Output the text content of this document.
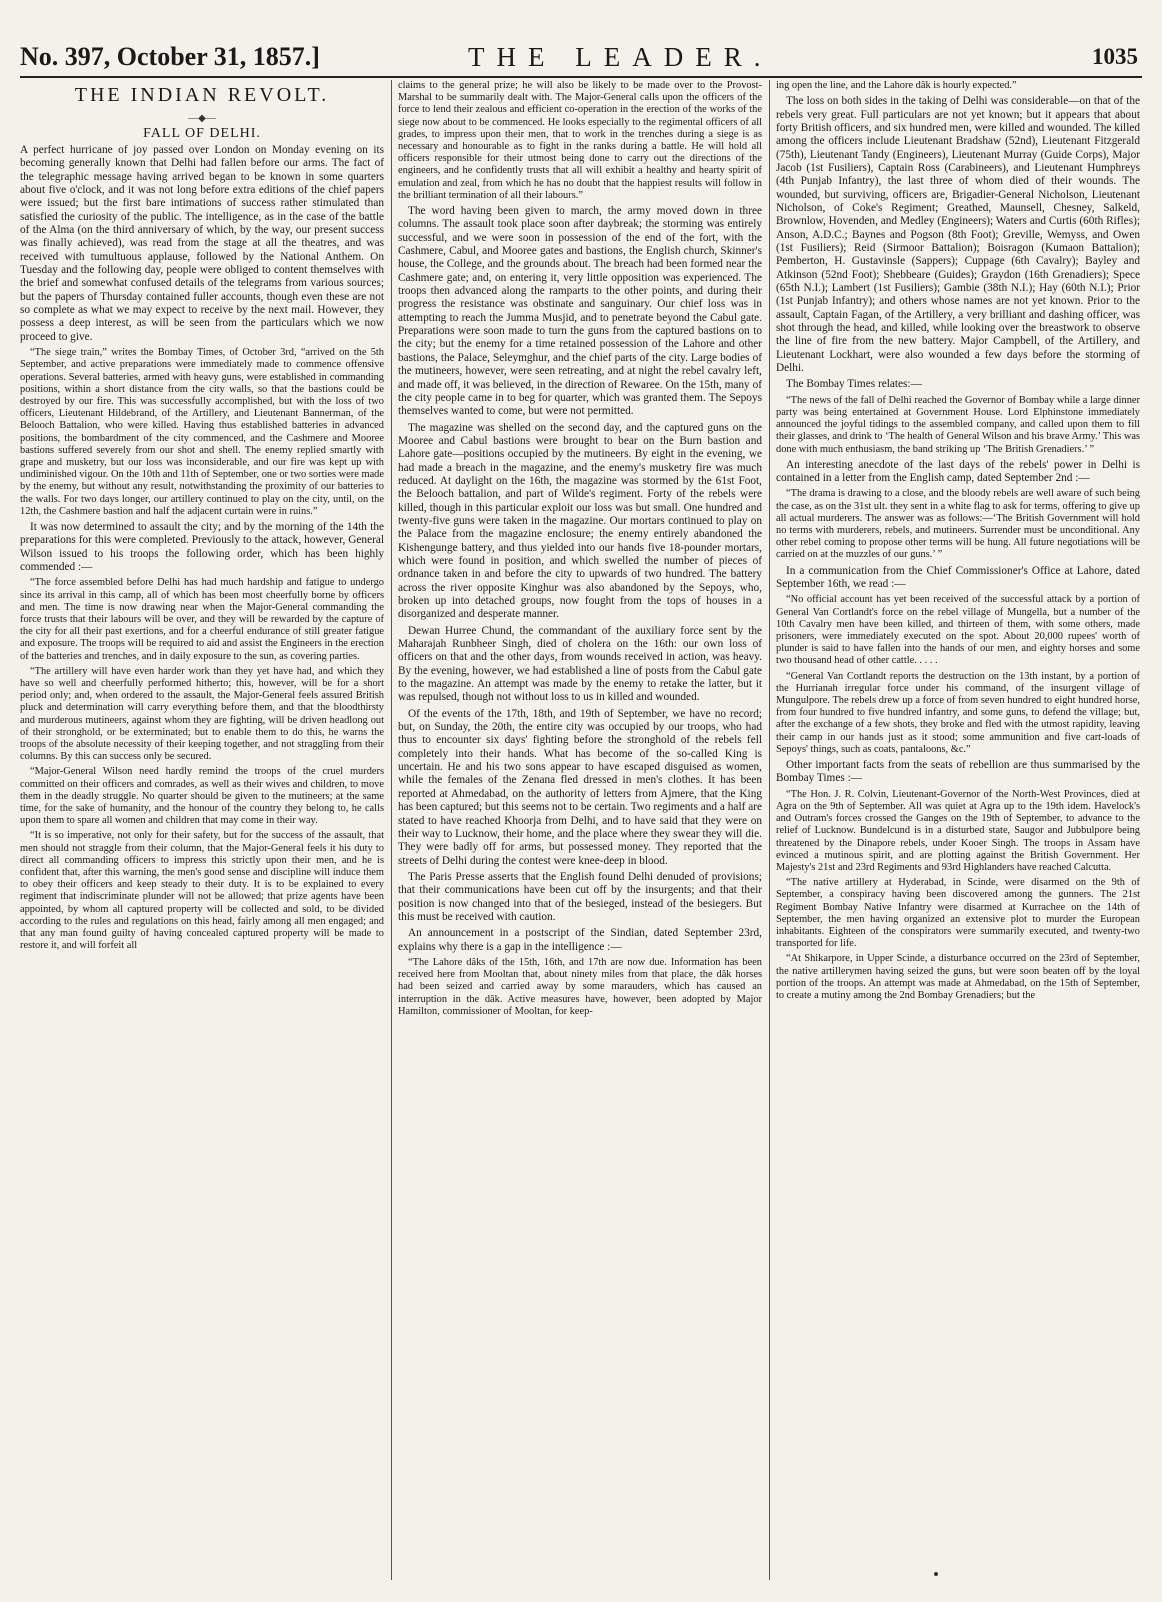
No. 397, October 31, 1857.]	THE LEADER.	1035
THE INDIAN REVOLT.
—◆—
FALL OF DELHI.

A perfect hurricane of joy passed over London on Monday evening on its becoming generally known that Delhi had fallen before our arms. The fact of the telegraphic message having arrived began to be known in some quarters about five o'clock, and it was not long before extra editions of the chief papers were issued; but the first bare intimations of success rather stimulated than satisfied the curiosity of the public. The intelligence, as in the case of the battle of the Alma (on the third anniversary of which, by the way, our present success was finally achieved), was read from the stage at all the theatres, and was received with tumultuous applause, followed by the National Anthem. On Tuesday and the following day, people were obliged to content themselves with the brief and somewhat confused details of the telegrams from various sources; but the papers of Thursday contained fuller accounts, though even these are not so complete as what we may expect to receive by the next mail. However, they possess a deep interest, as will be seen from the particulars which we now proceed to give.

“The siege train,” writes the Bombay Times, of October 3rd, “arrived on the 5th September, and active preparations were immediately made to commence offensive operations. Several batteries, armed with heavy guns, were established in commanding positions, within a short distance from the city walls, so that the bastions could be destroyed by our fire. This was successfully accomplished, but with the loss of two officers, Lieutenant Hildebrand, of the Artillery, and Lieutenant Bannerman, of the Belooch Battalion, who were killed. Having thus established batteries in advanced positions, the bombardment of the city commenced, and the Cashmere and Mooree bastions suffered severely from our shot and shell. The enemy replied smartly with grape and musketry, but our loss was inconsiderable, and our fire was kept up with undiminished vigour. On the 10th and 11th of September, one or two sorties were made by the enemy, but without any result, notwithstanding the proximity of our batteries to the walls. For two days longer, our artillery continued to play on the city, until, on the 12th, the Cashmere bastion and half the adjacent curtain were in ruins.”

It was now determined to assault the city; and by the morning of the 14th the preparations for this were completed. Previously to the attack, however, General Wilson issued to his troops the following order, which has been highly commended :—

“The force assembled before Delhi has had much hardship and fatigue to undergo since its arrival in this camp, all of which has been most cheerfully borne by officers and men. The time is now drawing near when the Major-General commanding the force trusts that their labours will be over, and they will be rewarded by the capture of the city for all their past exertions, and for a cheerful endurance of still greater fatigue and exposure. The troops will be required to aid and assist the Engineers in the erection of the batteries and trenches, and in daily exposure to the sun, as covering parties.

“The artillery will have even harder work than they yet have had, and which they have so well and cheerfully performed hitherto; this, however, will be for a short period only; and, when ordered to the assault, the Major-General feels assured British pluck and determination will carry everything before them, and that the bloodthirsty and murderous mutineers, against whom they are fighting, will be driven headlong out of their stronghold, or be exterminated; but to enable them to do this, he warns the troops of the absolute necessity of their keeping together, and not straggling from their columns. By this can success only be secured.

“Major-General Wilson need hardly remind the troops of the cruel murders committed on their officers and comrades, as well as their wives and children, to move them in the deadly struggle. No quarter should be given to the mutineers; at the same time, for the sake of humanity, and the honour of the country they belong to, he calls upon them to spare all women and children that may come in their way.

“It is so imperative, not only for their safety, but for the success of the assault, that men should not straggle from their column, that the Major-General feels it his duty to direct all commanding officers to impress this strictly upon their men, and he is confident that, after this warning, the men's good sense and discipline will induce them to obey their officers and keep steady to their duty. It is to be explained to every regiment that indiscriminate plunder will not be allowed; that prize agents have been appointed, by whom all captured property will be collected and sold, to be divided according to the rules and regulations on this head, fairly among all men engaged; and that any man found guilty of having concealed captured property will be made to restore it, and will forfeit all

claims to the general prize; he will also be likely to be made over to the Provost-Marshal to be summarily dealt with. The Major-General calls upon the officers of the force to lend their zealous and efficient co-operation in the erection of the works of the siege now about to be commenced. He looks especially to the regimental officers of all grades, to impress upon their men, that to work in the trenches during a siege is as necessary and honourable as to fight in the ranks during a battle. He will hold all officers responsible for their utmost being done to carry out the directions of the engineers, and he confidently trusts that all will exhibit a healthy and hearty spirit of emulation and zeal, from which he has no doubt that the happiest results will follow in the brilliant termination of all their labours.”

The word having been given to march, the army moved down in three columns. The assault took place soon after daybreak; the storming was entirely successful, and we were soon in possession of the end of the fort, with the Cashmere, Cabul, and Mooree gates and bastions, the English church, Skinner's house, the College, and the grounds about. The breach had been formed near the Cashmere gate; and, on entering it, very little opposition was experienced. The troops then advanced along the ramparts to the other points, and during their progress the resistance was obstinate and sanguinary. Our chief loss was in attempting to reach the Jumma Musjid, and to penetrate beyond the Cabul gate. Preparations were soon made to turn the guns from the captured bastions on to the city; but the enemy for a time retained possession of the Lahore and other bastions, the Palace, Seleymghur, and the chief parts of the city. Large bodies of the mutineers, however, were seen retreating, and at night the rebel cavalry left, and made off, it was believed, in the direction of Rewaree. On the 15th, many of the city people came in to beg for quarter, which was granted them. The Sepoys themselves wanted to come, but were not permitted.

The magazine was shelled on the second day, and the captured guns on the Mooree and Cabul bastions were brought to bear on the Burn bastion and Lahore gate—positions occupied by the mutineers. By eight in the evening, we had made a breach in the magazine, and the enemy's musketry fire was much reduced. At daylight on the 16th, the magazine was stormed by the 61st Foot, the Belooch battalion, and part of Wilde's regiment. Forty of the rebels were killed, though in this particular exploit our loss was but small. One hundred and twenty-five guns were taken in the magazine. Our mortars continued to play on the Palace from the magazine enclosure; the enemy entirely abandoned the Kishengunge battery, and thus yielded into our hands five 18-pounder mortars, which were found in position, and which swelled the number of pieces of ordnance taken in and before the city to upwards of two hundred. The battery across the river opposite Kinghur was also abandoned by the Sepoys, who, broken up into detached groups, now fought from the tops of houses in a disorganized and desperate manner.

Dewan Hurree Chund, the commandant of the auxiliary force sent by the Maharajah Runbheer Singh, died of cholera on the 16th: our own loss of officers on that and the other days, from wounds received in action, was heavy. By the evening, however, we had established a line of posts from the Cabul gate to the magazine. An attempt was made by the enemy to retake the latter, but it was repulsed, though not without loss to us in killed and wounded.

Of the events of the 17th, 18th, and 19th of September, we have no record; but, on Sunday, the 20th, the entire city was occupied by our troops, who had thus to encounter six days' fighting before the stronghold of the rebels fell completely into their hands. What has become of the so-called King is uncertain. He and his two sons appear to have escaped disguised as women, while the females of the Zenana fled dressed in men's clothes. It has been reported at Ahmedabad, on the authority of letters from Ajmere, that the King has been captured; but this seems not to be certain. Two regiments and a half are stated to have reached Khoorja from Delhi, and to have said that they were on their way to Lucknow, their home, and the place where they swear they will die. They were badly off for arms, but possessed money. They reported that the streets of Delhi during the contest were knee-deep in blood.

The Paris Presse asserts that the English found Delhi denuded of provisions; that their communications have been cut off by the insurgents; and that their position is now changed into that of the besieged, instead of the besiegers. But this must be received with caution.

An announcement in a postscript of the Sindian, dated September 23rd, explains why there is a gap in the intelligence :—

“The Lahore dâks of the 15th, 16th, and 17th are now due. Information has been received here from Mooltan that, about ninety miles from that place, the dâk horses had been seized and carried away by some marauders, which has caused an interruption in the dâk. Active measures have, however, been adopted by Major Hamilton, commissioner of Mooltan, for keep-

ing open the line, and the Lahore dâk is hourly expected.”

The loss on both sides in the taking of Delhi was considerable—on that of the rebels very great. Full particulars are not yet known; but it appears that about forty British officers, and six hundred men, were killed and wounded. The killed among the officers include Lieutenant Bradshaw (52nd), Lieutenant Fitzgerald (75th), Lieutenant Tandy (Engineers), Lieutenant Murray (Guide Corps), Major Jacob (1st Fusiliers), Captain Ross (Carabineers), and Lieutenant Humphreys (4th Punjab Infantry), the last three of whom died of their wounds. The wounded, but surviving, officers are, Brigadier-General Nicholson, Lieutenant Nicholson, of Coke's Regiment; Greathed, Maunsell, Chesney, Salkeld, Brownlow, Hovenden, and Medley (Engineers); Waters and Curtis (60th Rifles); Anson, A.D.C.; Baynes and Pogson (8th Foot); Greville, Wemyss, and Owen (1st Fusiliers); Reid (Sirmoor Battalion); Boisragon (Kumaon Battalion); Pemberton, H. Gustavinsle (Sappers); Cuppage (6th Cavalry); Bayley and Atkinson (52nd Foot); Shebbeare (Guides); Graydon (16th Grenadiers); Spece (65th N.I.); Lambert (1st Fusiliers); Gambie (38th N.I.); Hay (60th N.I.); Prior (1st Punjab Infantry); and others whose names are not yet known. Prior to the assault, Captain Fagan, of the Artillery, a very brilliant and dashing officer, was shot through the head, and killed, while looking over the breastwork to observe the line of fire from the new battery. Major Campbell, of the Artillery, and Lieutenant Lockhart, were also wounded a few days before the storming of Delhi.

The Bombay Times relates:—

“The news of the fall of Delhi reached the Governor of Bombay while a large dinner party was being entertained at Government House. Lord Elphinstone immediately announced the joyful tidings to the assembled company, and called upon them to fill their glasses, and drink to ‘The health of General Wilson and his brave Army.’ This was done with much enthusiasm, the band striking up ‘The British Grenadiers.’ ”

An interesting anecdote of the last days of the rebels' power in Delhi is contained in a letter from the English camp, dated September 2nd :—

“The drama is drawing to a close, and the bloody rebels are well aware of such being the case, as on the 31st ult. they sent in a white flag to ask for terms, offering to give up all actual murderers. The answer was as follows:—‘The British Government will hold no terms with murderers, rebels, and mutineers. Surrender must be unconditional. Any other rebel coming to propose other terms will be hung. All future negotiations will be carried on at the muzzles of our guns.’ ”

In a communication from the Chief Commissioner's Office at Lahore, dated September 16th, we read :—

“No official account has yet been received of the successful attack by a portion of General Van Cortlandt's force on the rebel village of Mungella, but a number of the 10th Cavalry men have been killed, and thirteen of them, with some others, made prisoners, were immediately executed on the spot. About 20,000 rupees' worth of plunder is said to have fallen into the hands of our men, and eighty horses and some two thousand head of other cattle. . . . .

“General Van Cortlandt reports the destruction on the 13th instant, by a portion of the Hurrianah irregular force under his command, of the insurgent village of Mungulpore. The rebels drew up a force of from seven hundred to eight hundred horse, from four hundred to five hundred infantry, and some guns, to defend the village; but, after the exchange of a few shots, they broke and fled with the utmost rapidity, leaving their camp in our hands just as it stood; some ammunition and five cart-loads of Sepoys' things, such as coats, pantaloons, &c.”

Other important facts from the seats of rebellion are thus summarised by the Bombay Times :—

“The Hon. J. R. Colvin, Lieutenant-Governor of the North-West Provinces, died at Agra on the 9th of September. All was quiet at Agra up to the 19th idem. Havelock's and Outram's forces crossed the Ganges on the 19th of September, to advance to the relief of Lucknow. Bundelcund is in a disturbed state, Saugor and Jubbulpore being threatened by the Dinapore rebels, under Kooer Singh. The troops in Assam have evinced a mutinous spirit, and are plotting against the British Government. Her Majesty's 21st and 23rd Regiments and 93rd Highlanders have reached Calcutta.

“The native artillery at Hyderabad, in Scinde, were disarmed on the 9th of September, a conspiracy having been discovered among the gunners. The 21st Regiment Bombay Native Infantry were disarmed at Kurrachee on the 14th of September, the men having organized an extensive plot to murder the European inhabitants. Eighteen of the conspirators were summarily executed, and twenty-two transported for life.

“At Shikarpore, in Upper Scinde, a disturbance occurred on the 23rd of September, the native artillerymen having seized the guns, but were soon beaten off by the loyal portion of the troops. An attempt was made at Ahmedabad, on the 15th of September, to create a mutiny among the 2nd Bombay Grenadiers; but the
